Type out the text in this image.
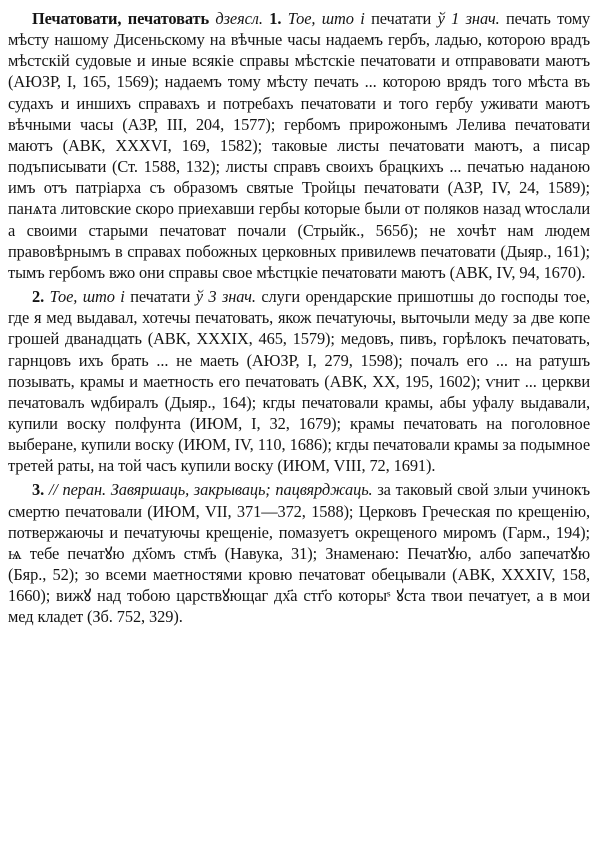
Печатовати, печатовать дзеясл. 1. Тое, што і печатати ў 1 знач. печать тому мѣсту нашому Дисеньскому на вѣчные часы надаемъ гербъ, ладью, которою врадъ мѣстскій судовые и иные всякіе справы мѣстскіе печатовати и отправовати маютъ (АЮЗР, І, 165, 1569); надаемъ тому мѣсту печать ... которою врядъ того мѣста въ судахъ и иншихъ справахъ и потребахъ печатовати и того гербу уживати маютъ вѣчными часы (АЗР, ІІІ, 204, 1577); гербомъ прирожонымъ Лелива печатовати маютъ (АВК, XXXVI, 169, 1582); таковые листы печатовати маютъ, а писар подъписывати (Ст. 1588, 132); листы справъ своихъ брацкихъ ... печатью наданою имъ отъ патріарха съ образомъ святые Тройцы печатовати (АЗР, IV, 24, 1589); панѧта литовские скоро приехавши гербы которые были от поляков назад ѡтослали а своими старыми печатоват почали (Стрыйк., 565б); не хочѣт нам людем правовѣрнымъ в справах побожных церковных привилеѡв печатовати (Дыяр., 161); тымъ гербомъ вжо они справы свое мѣстцкіе печатовати маютъ (АВК, IV, 94, 1670).

2. Тое, што і печатати ў 3 знач. слуги орендарские пришотшы до господы тое, где я мед выдавал, хотечы печатовать, якож печатуючы, выточыли меду за две копе грошей дванадцать (АВК, XXXIX, 465, 1579); медовъ, пивъ, горѣлокъ печатовать, гарнцовъ ихъ брать ... не маеть (АЮЗР, І, 279, 1598); почалъ его ... на ратушъ позывать, крамы и маетность его печатовать (АВК, XX, 195, 1602); ѵнит ... церкви печатовалъ ѡдбиралъ (Дыяр., 164); кгды печатовали крамы, абы уфалу выдавали, купили воску полфунта (ИЮМ, І, 32, 1679); крамы печатовать на поголовное выберане, купили воску (ИЮМ, IV, 110, 1686); кгды печатовали крамы за подымное третей раты, на той часъ купили воску (ИЮМ, VIII, 72, 1691).

3. // перан. Завяршаць, закрываць; пацвярджаць. за таковый свой злыи учинокъ смертю печатовали (ИЮМ, VII, 371—372, 1588); Церковъ Греческая по крещенію, потвержаючы и печатуючы крещеніе, помазуетъ окрещеного миромъ (Гарм., 194); ѩ тебе печатꙋю дх҃омъ стм҃ъ (Навука, 31); Знаменаю: Печатꙋю, албо запечатꙋю (Бяр., 52); зо всеми маетностями кровю печатоват обецывали (АВК, XXXIV, 158, 1660); вижꙋ над тобою царствꙋющаг дх҃а стг҃о которыˢ ꙋста твои печатует, а в мои мед кладет (Зб. 752, 329).
